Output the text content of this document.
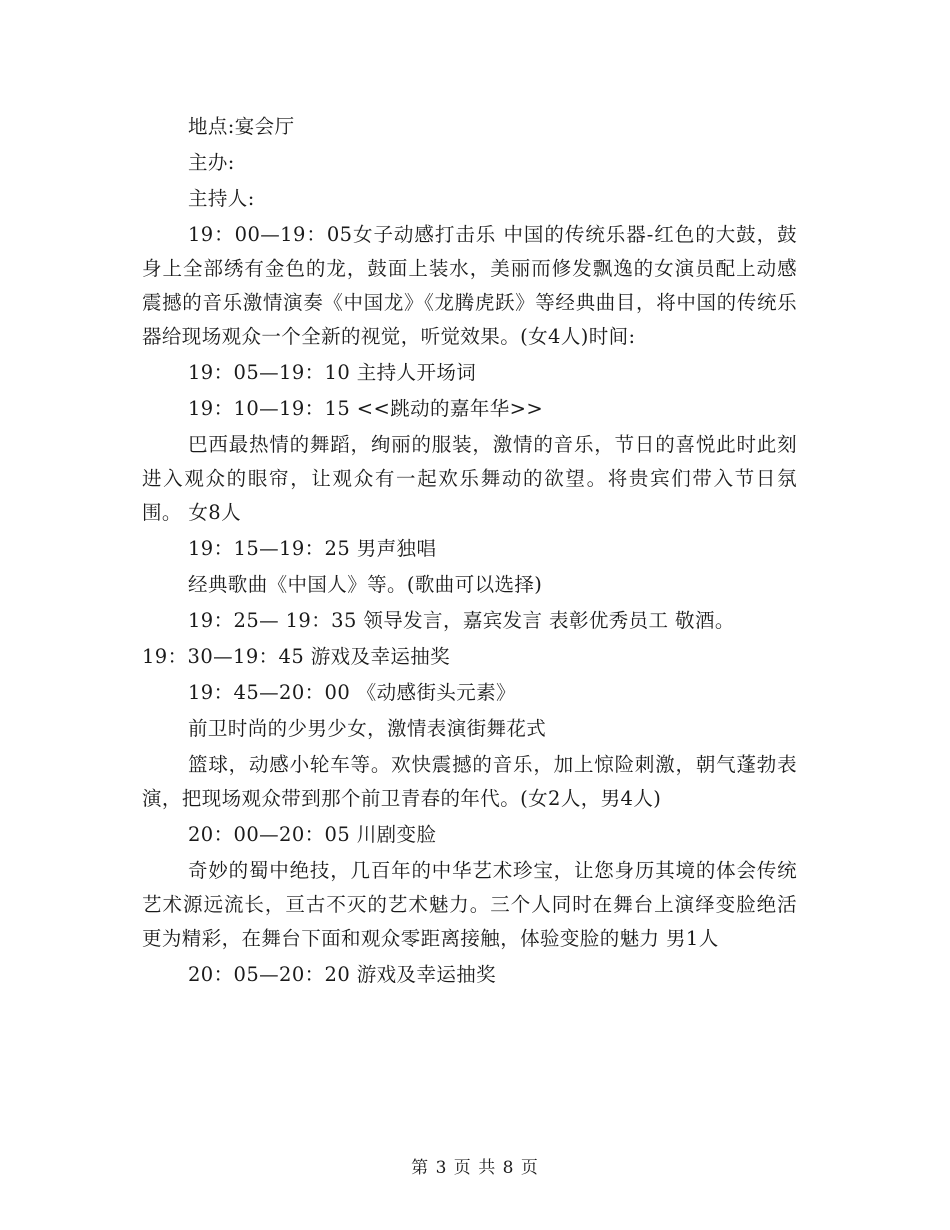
地点:宴会厅

主办:

主持人:

19：00—19：05女子动感打击乐 中国的传统乐器-红色的大鼓，鼓身上全部绣有金色的龙，鼓面上装水，美丽而修发飘逸的女演员配上动感震撼的音乐激情演奏《中国龙》《龙腾虎跃》等经典曲目，将中国的传统乐器给现场观众一个全新的视觉，听觉效果。(女4人)时间:

19：05—19：10 主持人开场词

19：10—19：15 <<跳动的嘉年华>>

巴西最热情的舞蹈，绚丽的服装，激情的音乐，节日的喜悦此时此刻进入观众的眼帘，让观众有一起欢乐舞动的欲望。将贵宾们带入节日氛围。 女8人

19：15—19：25 男声独唱

经典歌曲《中国人》等。(歌曲可以选择)

19：25— 19：35 领导发言，嘉宾发言 表彰优秀员工 敬酒。

19：30—19：45 游戏及幸运抽奖

19：45—20：00 《动感街头元素》

前卫时尚的少男少女，激情表演街舞花式

篮球，动感小轮车等。欢快震撼的音乐，加上惊险刺激，朝气蓬勃表演，把现场观众带到那个前卫青春的年代。(女2人，男4人)

20：00—20：05 川剧变脸

奇妙的蜀中绝技，几百年的中华艺术珍宝，让您身历其境的体会传统艺术源远流长，亘古不灭的艺术魅力。三个人同时在舞台上演绎变脸绝活更为精彩，在舞台下面和观众零距离接触，体验变脸的魅力 男1人

20：05—20：20 游戏及幸运抽奖

第 3 页 共 8 页
